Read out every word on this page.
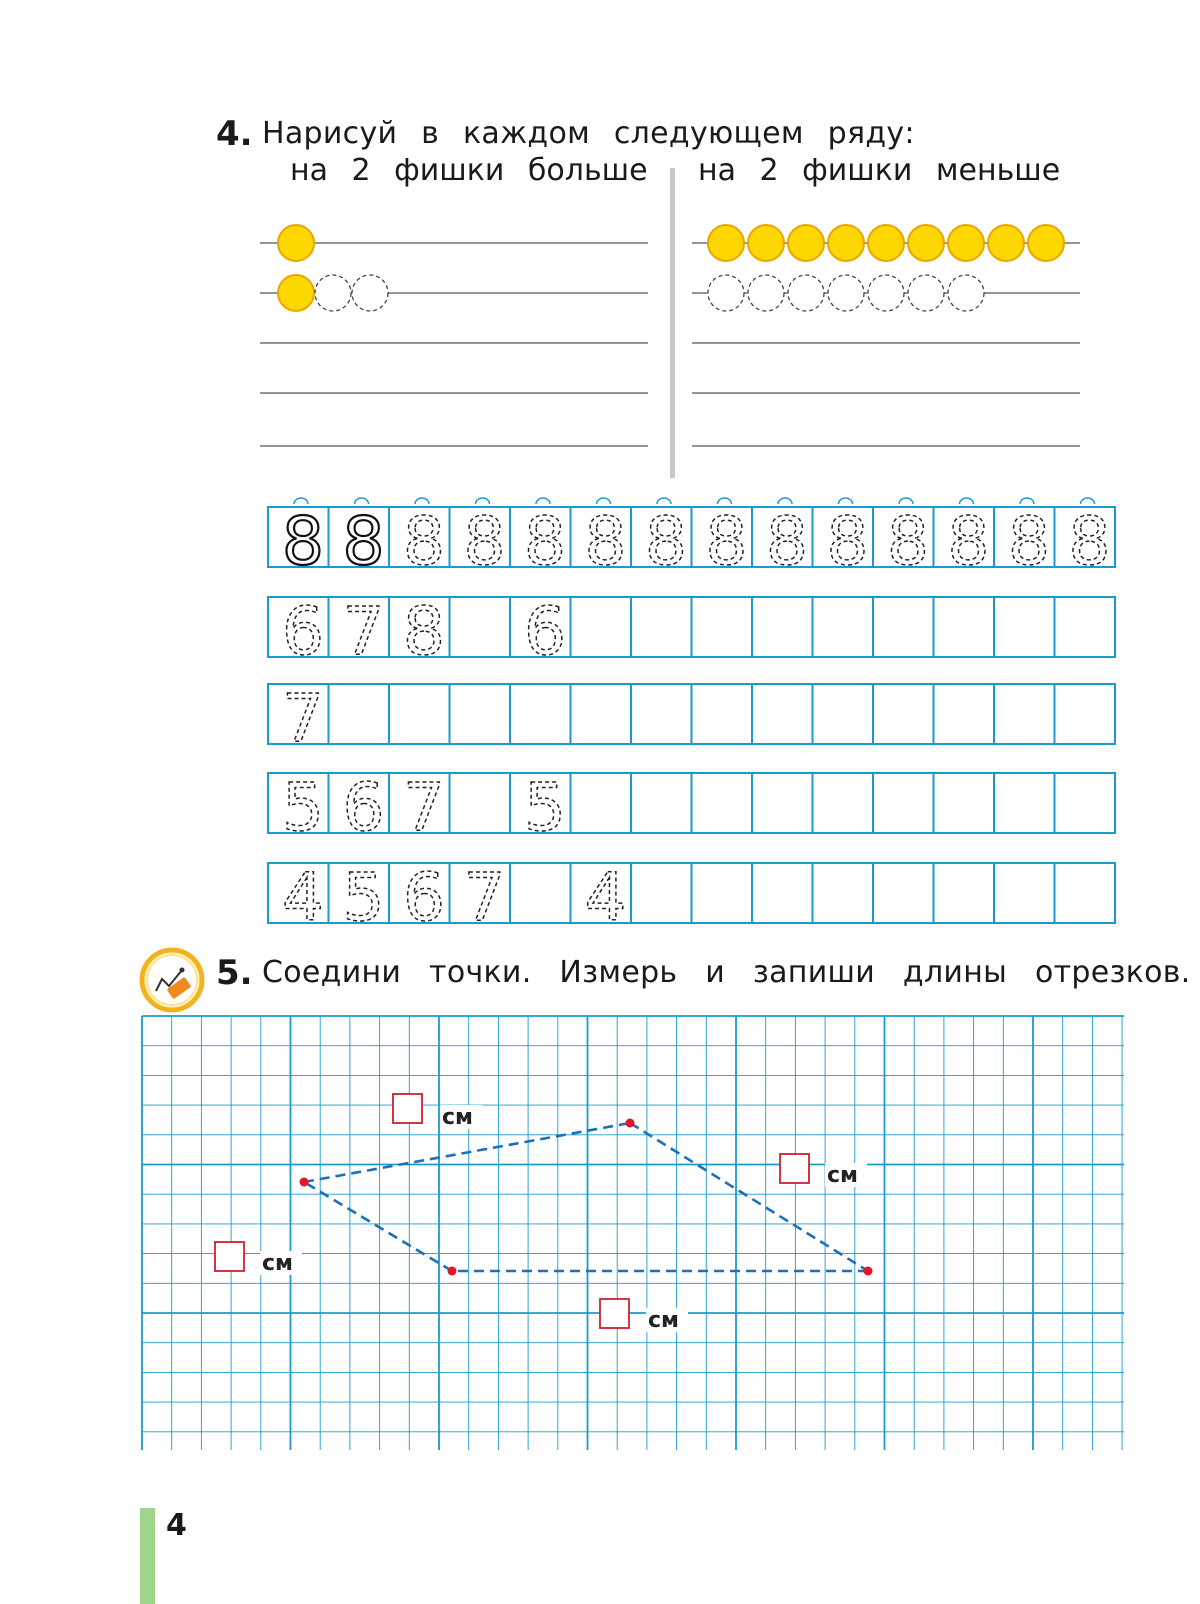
4. Нарисуй в каждом следующем ряду:
на 2 фишки больше на 2 фишки меньше
8 8 8 8 8 8 8 8 8 8 8 8 8 8
6 7 8 6
7
5 6 7 5
4 5 6 7 4
5. Соедини точки. Измерь и запиши длины отрезков.
см
см
см
см
4
